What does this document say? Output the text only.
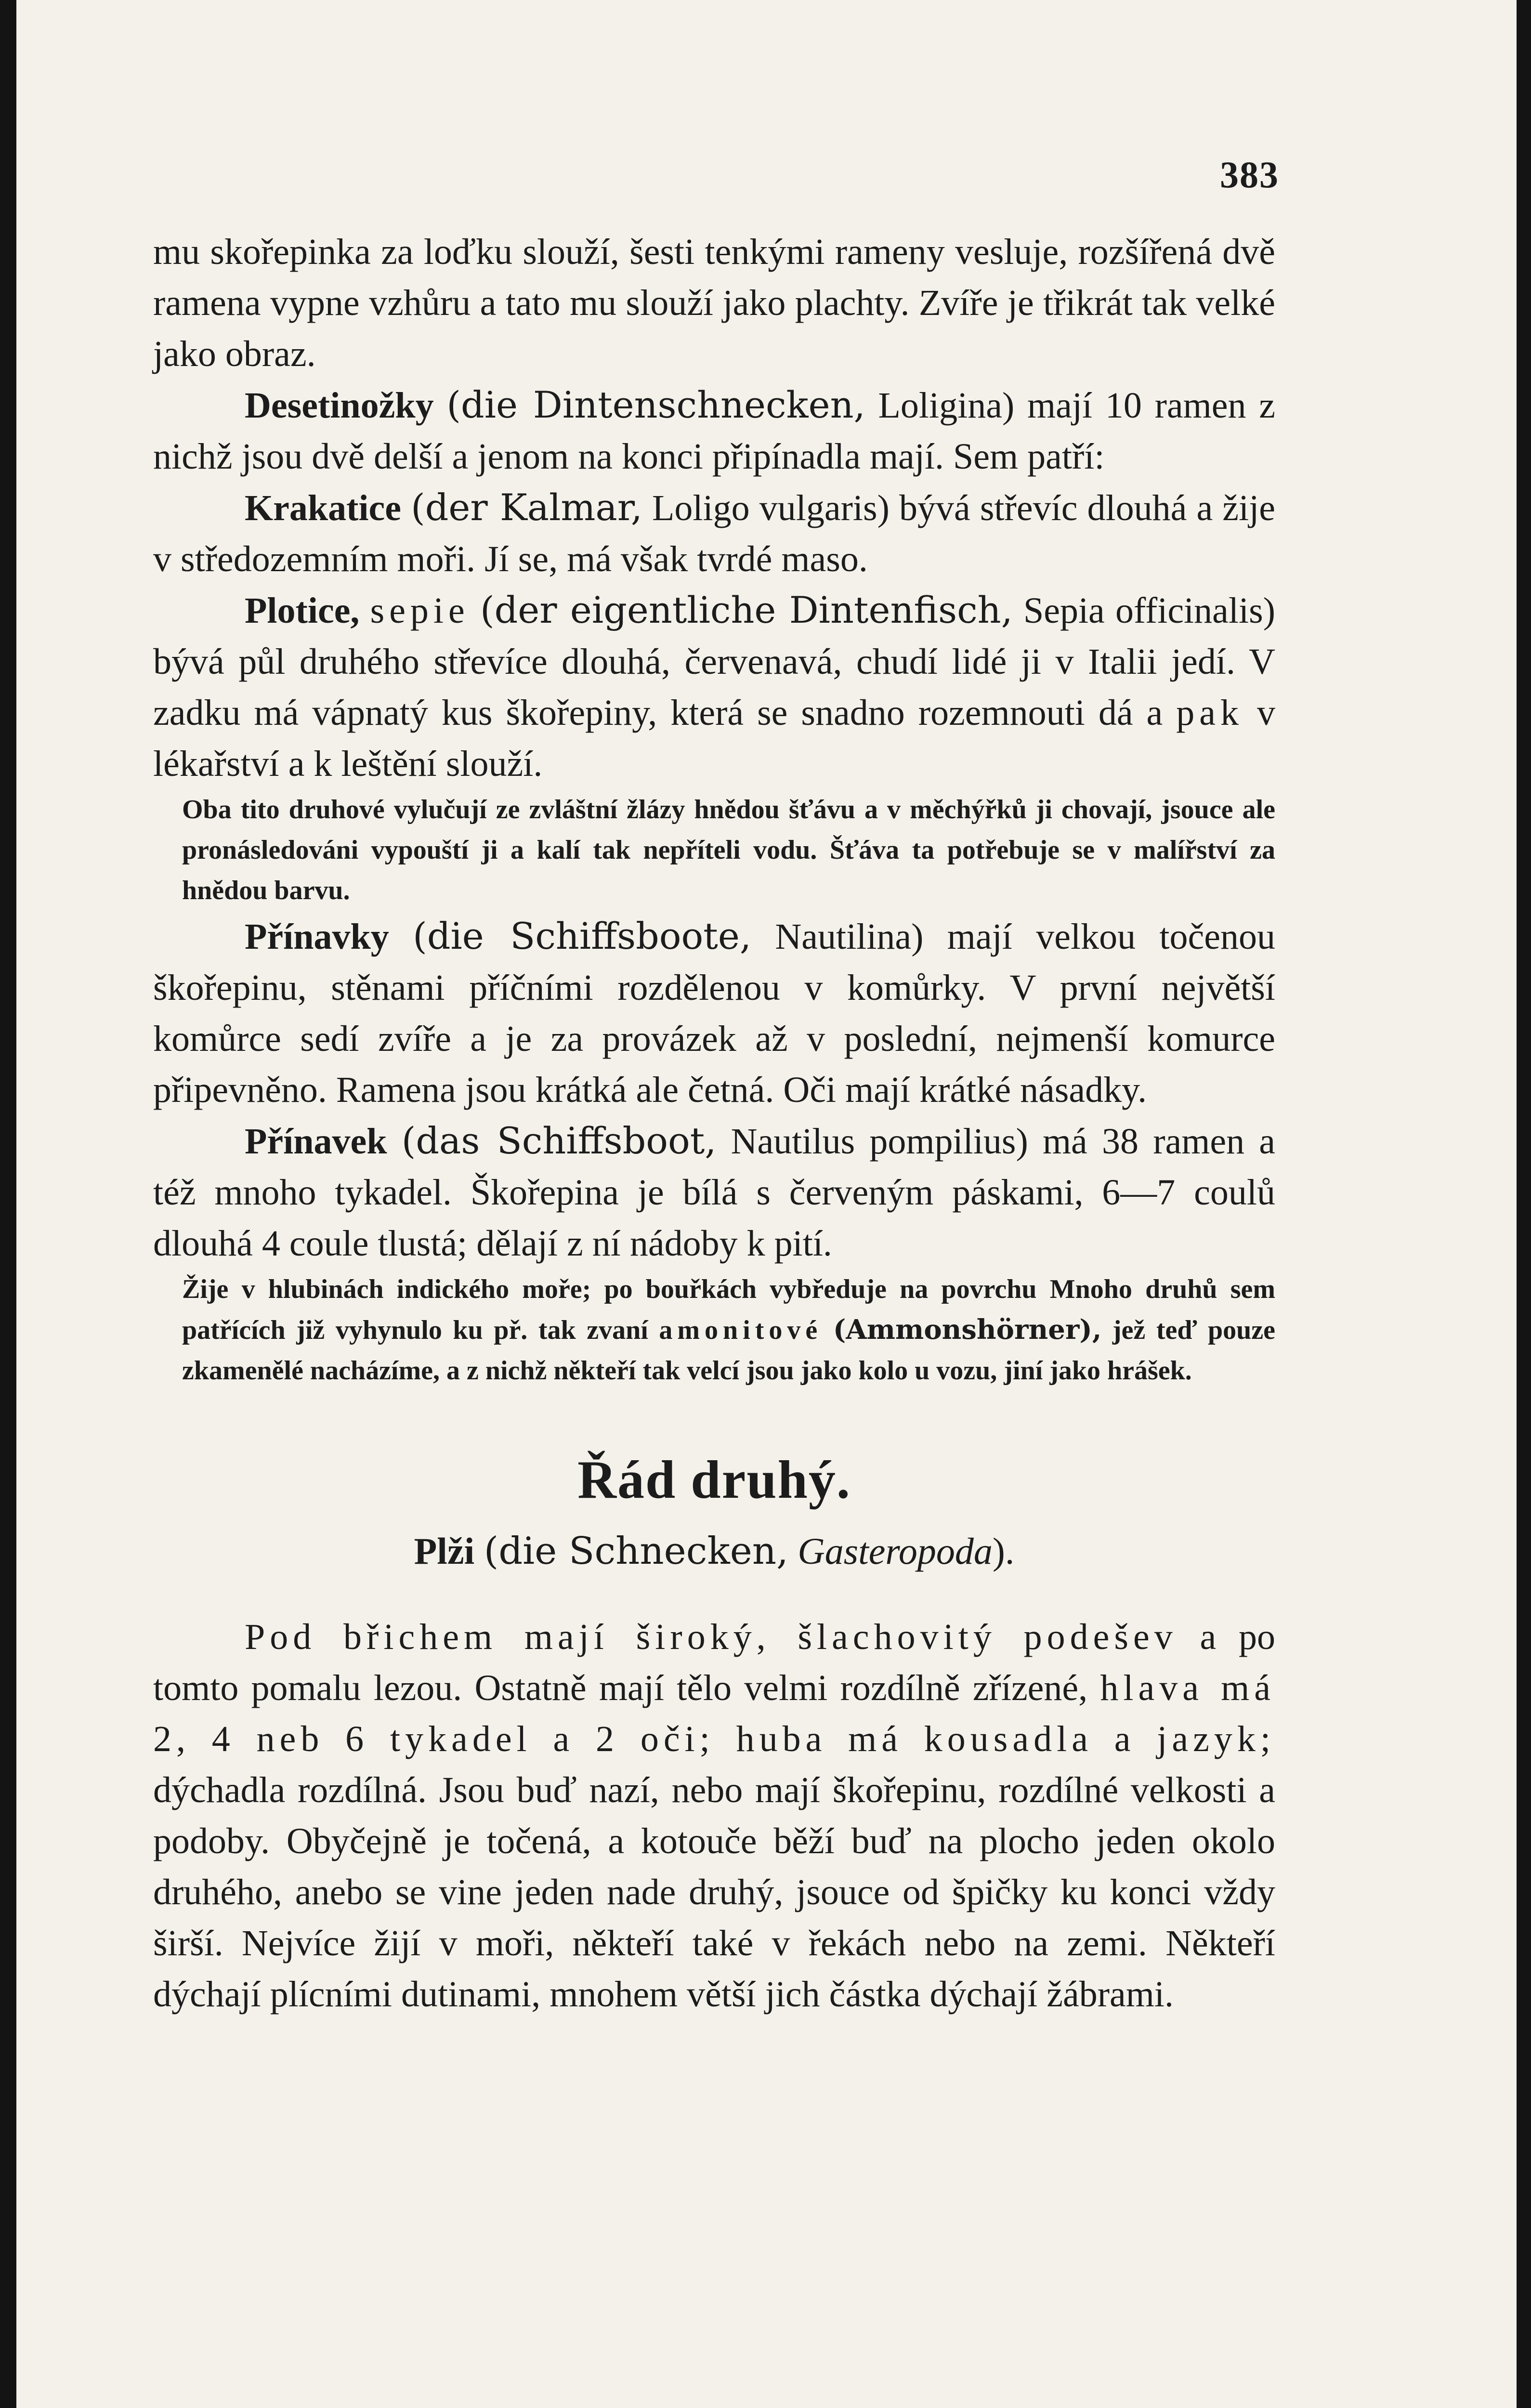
383

mu skořepinka za loďku slouží, šesti tenkými rameny vesluje, rozšířená dvě ramena vypne vzhůru a tato mu slouží jako plachty. Zvíře je třikrát tak velké jako obraz.

Desetinožky (die Dintenschnecken, Loligina) mají 10 ramen z nichž jsou dvě delší a jenom na konci připínadla mají. Sem patří:

Krakatice (der Kalmar, Loligo vulgaris) bývá střevíc dlouhá a žije v středozemním moři. Jí se, má však tvrdé maso.

Plotice, sepie (der eigentliche Dintenfisch, Sepia officinalis) bývá půl druhého střevíce dlouhá, červenavá, chudí lidé ji v Italii jedí. V zadku má vápnatý kus škořepiny, která se snadno rozemnouti dá a pak v lékařství a k leštění slouží.

Oba tito druhové vylučují ze zvláštní žlázy hnědou šťávu a v měchýřků ji chovají, jsouce ale pronásledováni vypouští ji a kalí tak nepříteli vodu. Šťáva ta potřebuje se v malířství za hnědou barvu.

Přínavky (die Schiffsboote, Nautilina) mají velkou točenou škořepinu, stěnami příčními rozdělenou v komůrky. V první největší komůrce sedí zvíře a je za provázek až v poslední, nejmenší komurce připevněno. Ramena jsou krátká ale četná. Oči mají krátké násadky.

Přínavek (das Schiffsboot, Nautilus pompilius) má 38 ramen a též mnoho tykadel. Škořepina je bílá s červeným páskami, 6—7 coulů dlouhá 4 coule tlustá; dělají z ní nádoby k pití.

Žije v hlubinách indického moře; po bouřkách vybředuje na povrchu Mnoho druhů sem patřících již vyhynulo ku př. tak zvaní amonitové (Ammonshörner), jež teď pouze zkamenělé nacházíme, a z nichž někteří tak velcí jsou jako kolo u vozu, jiní jako hrášek.

Řád druhý.
Plži (die Schnecken, Gasteropoda).

Pod břichem mají široký, šlachovitý podešev a po tomto pomalu lezou. Ostatně mají tělo velmi rozdílně zřízené, hlava má 2, 4 neb 6 tykadel a 2 oči; huba má kousadla a jazyk; dýchadla rozdílná. Jsou buď nazí, nebo mají škořepinu, rozdílné velkosti a podoby. Obyčejně je točená, a kotouče běží buď na plocho jeden okolo druhého, anebo se vine jeden nade druhý, jsouce od špičky ku konci vždy širší. Nejvíce žijí v moři, někteří také v řekách nebo na zemi. Někteří dýchají plícními dutinami, mnohem větší jich částka dýchají žábrami.
